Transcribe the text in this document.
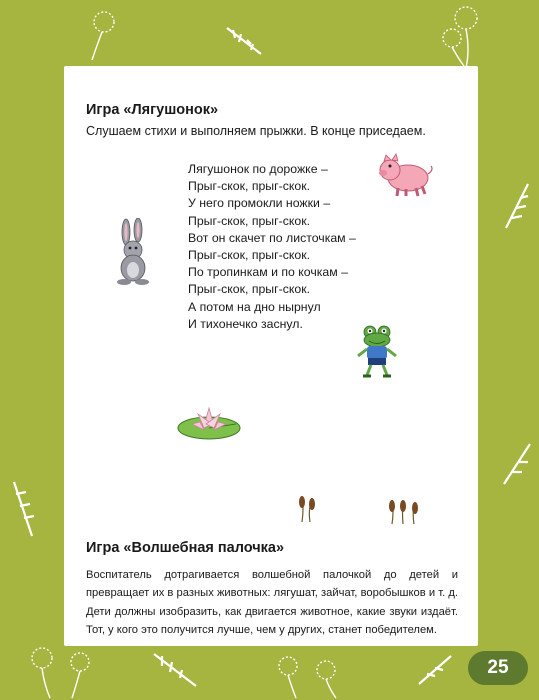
Игра «Лягушонок»

Слушаем стихи и выполняем прыжки. В конце приседаем.

Лягушонок по дорожке –
Прыг-скок, прыг-скок.
У него промокли ножки –
Прыг-скок, прыг-скок.
Вот он скачет по листочкам –
Прыг-скок, прыг-скок.
По тропинкам и по кочкам –
Прыг-скок, прыг-скок.
А потом на дно нырнул
И тихонечко заснул.
Игра «Волшебная палочка»

Воспитатель дотрагивается волшебной палочкой до детей и превращает их в разных животных: лягушат, зайчат, воробышков и т. д. Дети должны изобразить, как двигается животное, какие звуки издаёт. Тот, у кого это получится лучше, чем у других, станет победителем.

25
